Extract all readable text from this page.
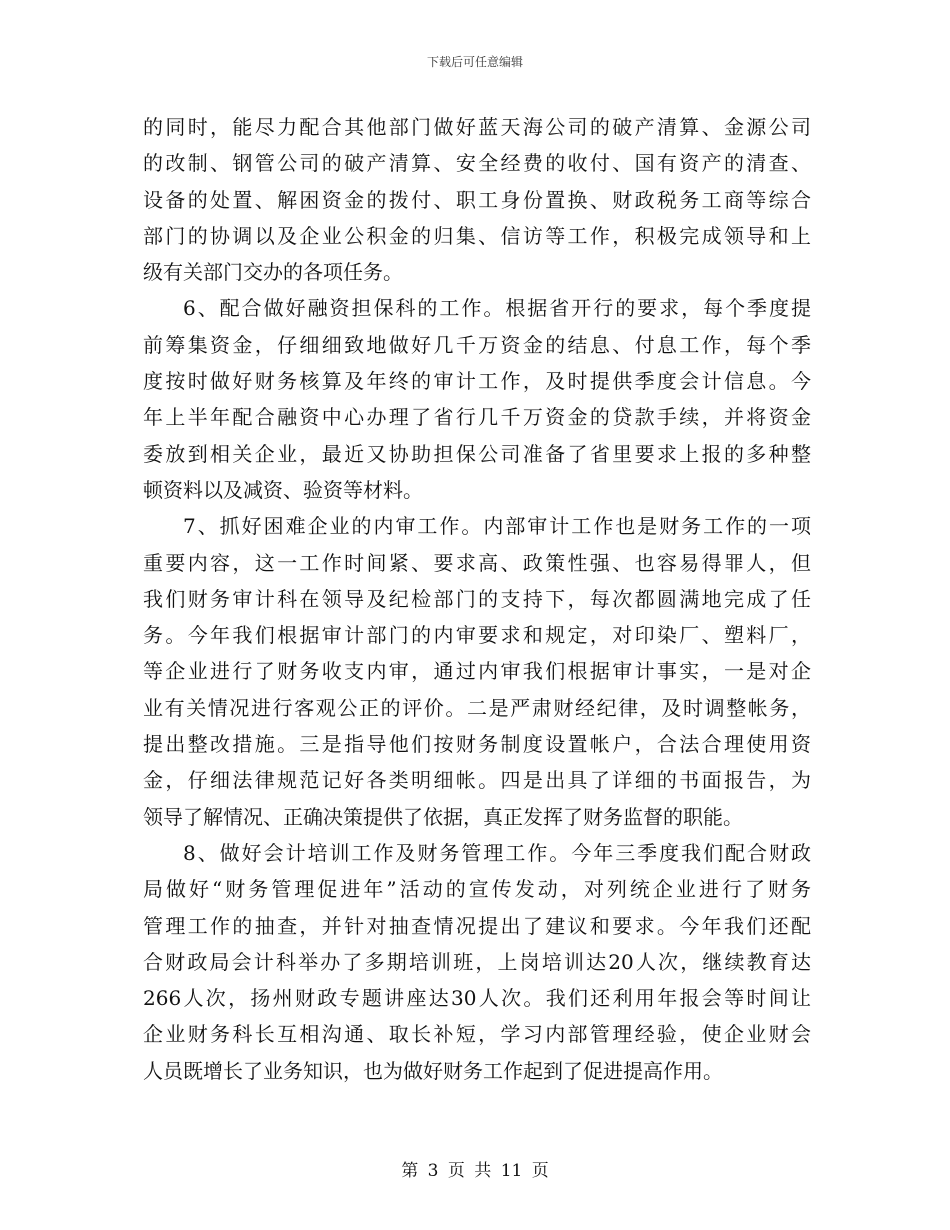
下载后可任意编辑
的同时，能尽力配合其他部门做好蓝天海公司的破产清算、金源公司
的改制、钢管公司的破产清算、安全经费的收付、国有资产的清查、
设备的处置、解困资金的拨付、职工身份置换、财政税务工商等综合
部门的协调以及企业公积金的归集、信访等工作，积极完成领导和上
级有关部门交办的各项任务。
6、配合做好融资担保科的工作。根据省开行的要求，每个季度提
前筹集资金，仔细细致地做好几千万资金的结息、付息工作，每个季
度按时做好财务核算及年终的审计工作，及时提供季度会计信息。今
年上半年配合融资中心办理了省行几千万资金的贷款手续，并将资金
委放到相关企业，最近又协助担保公司准备了省里要求上报的多种整
顿资料以及减资、验资等材料。
7、抓好困难企业的内审工作。内部审计工作也是财务工作的一项
重要内容，这一工作时间紧、要求高、政策性强、也容易得罪人，但
我们财务审计科在领导及纪检部门的支持下，每次都圆满地完成了任
务。今年我们根据审计部门的内审要求和规定，对印染厂、塑料厂，
等企业进行了财务收支内审，通过内审我们根据审计事实，一是对企
业有关情况进行客观公正的评价。二是严肃财经纪律，及时调整帐务，
提出整改措施。三是指导他们按财务制度设置帐户，合法合理使用资
金，仔细法律规范记好各类明细帐。四是出具了详细的书面报告，为
领导了解情况、正确决策提供了依据，真正发挥了财务监督的职能。
8、做好会计培训工作及财务管理工作。今年三季度我们配合财政
局做好“财务管理促进年”活动的宣传发动，对列统企业进行了财务
管理工作的抽查，并针对抽查情况提出了建议和要求。今年我们还配
合财政局会计科举办了多期培训班，上岗培训达20人次，继续教育达
266人次，扬州财政专题讲座达30人次。我们还利用年报会等时间让
企业财务科长互相沟通、取长补短，学习内部管理经验，使企业财会
人员既增长了业务知识，也为做好财务工作起到了促进提高作用。
第 3 页 共 11 页
